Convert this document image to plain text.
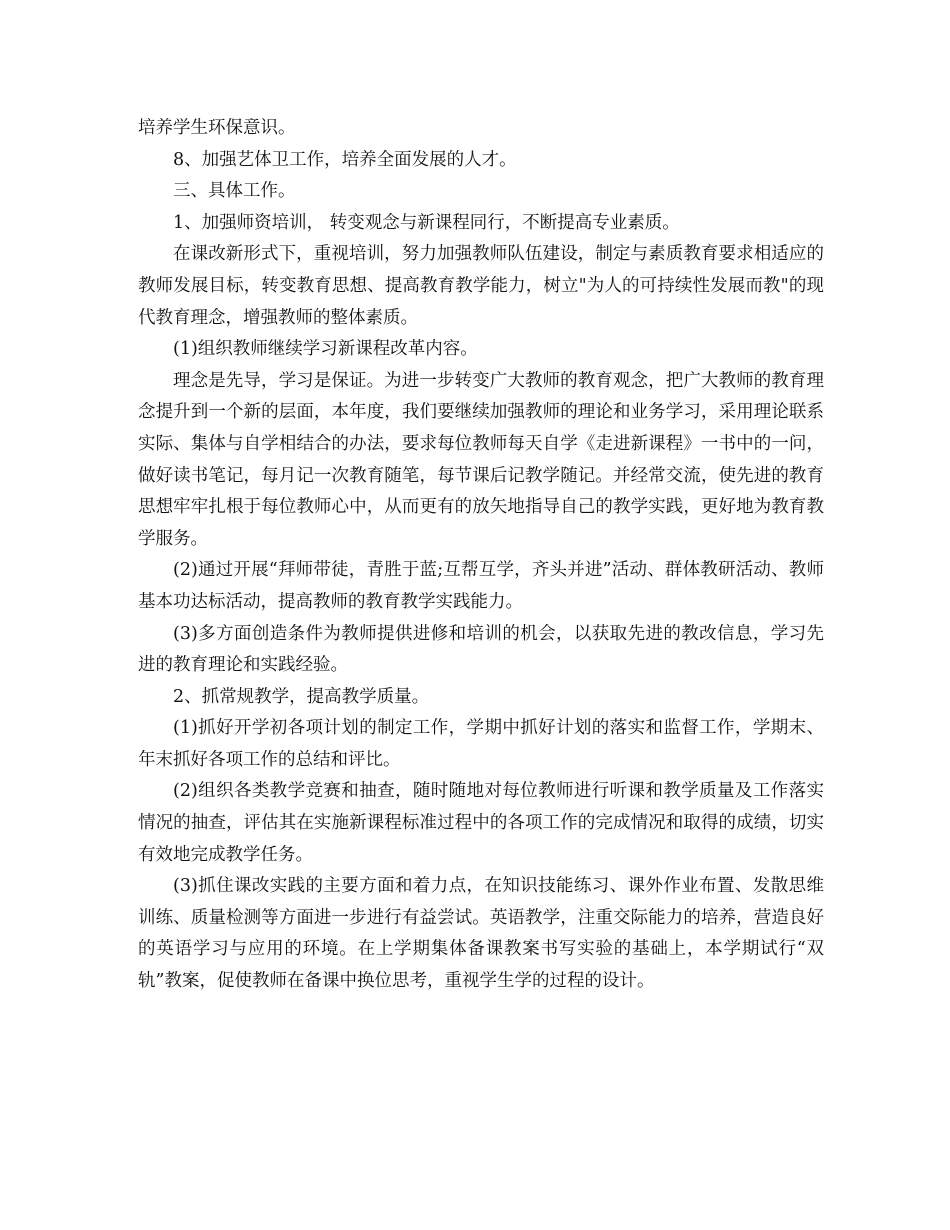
培养学生环保意识。

8、加强艺体卫工作，培养全面发展的人才。

三、具体工作。

1、加强师资培训， 转变观念与新课程同行，不断提高专业素质。

在课改新形式下，重视培训，努力加强教师队伍建设，制定与素质教育要求相适应的教师发展目标，转变教育思想、提高教育教学能力，树立"为人的可持续性发展而教"的现代教育理念，增强教师的整体素质。

(1)组织教师继续学习新课程改革内容。

理念是先导，学习是保证。为进一步转变广大教师的教育观念，把广大教师的教育理念提升到一个新的层面，本年度，我们要继续加强教师的理论和业务学习，采用理论联系实际、集体与自学相结合的办法，要求每位教师每天自学《走进新课程》一书中的一问，做好读书笔记，每月记一次教育随笔，每节课后记教学随记。并经常交流，使先进的教育思想牢牢扎根于每位教师心中，从而更有的放矢地指导自己的教学实践，更好地为教育教学服务。

(2)通过开展“拜师带徒，青胜于蓝;互帮互学，齐头并进”活动、群体教研活动、教师基本功达标活动，提高教师的教育教学实践能力。

(3)多方面创造条件为教师提供进修和培训的机会，以获取先进的教改信息，学习先进的教育理论和实践经验。

2、抓常规教学，提高教学质量。

(1)抓好开学初各项计划的制定工作，学期中抓好计划的落实和监督工作，学期末、年末抓好各项工作的总结和评比。

(2)组织各类教学竞赛和抽查，随时随地对每位教师进行听课和教学质量及工作落实情况的抽查，评估其在实施新课程标准过程中的各项工作的完成情况和取得的成绩，切实有效地完成教学任务。

(3)抓住课改实践的主要方面和着力点，在知识技能练习、课外作业布置、发散思维训练、质量检测等方面进一步进行有益尝试。英语教学，注重交际能力的培养，营造良好的英语学习与应用的环境。在上学期集体备课教案书写实验的基础上，本学期试行“双轨”教案，促使教师在备课中换位思考，重视学生学的过程的设计。
